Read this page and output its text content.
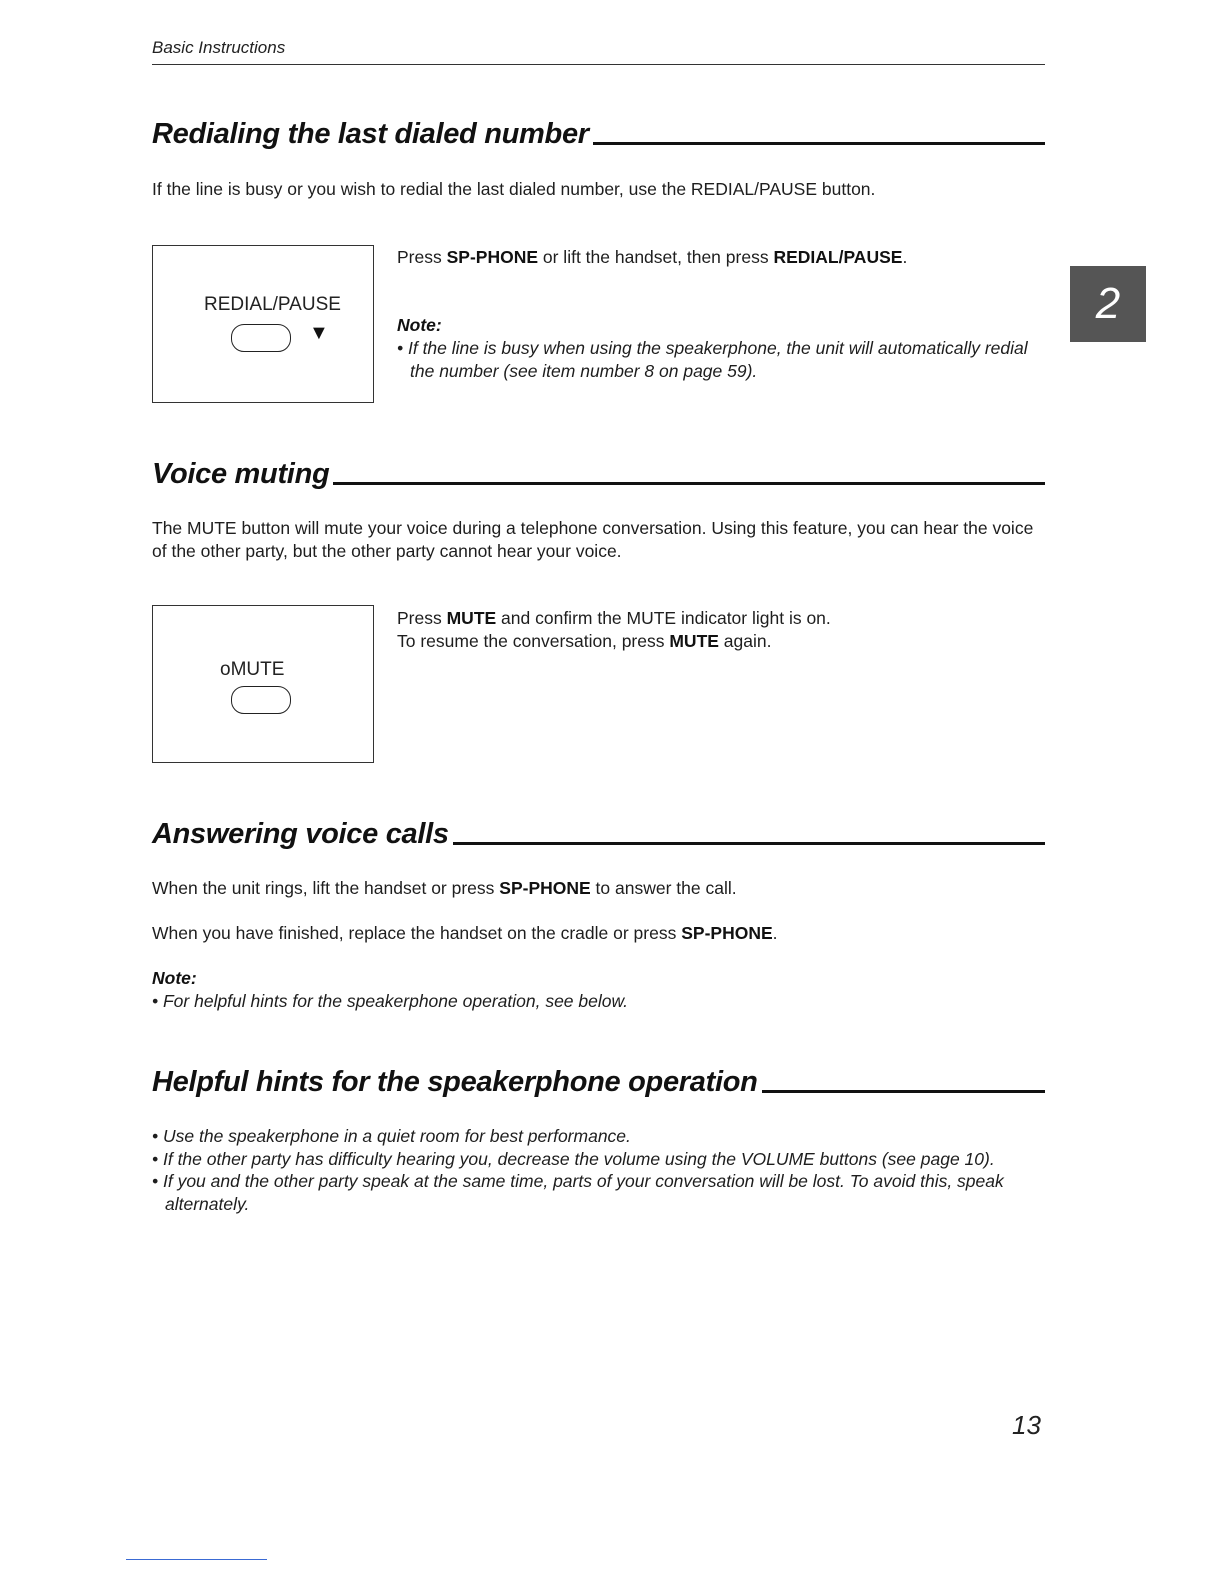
Basic Instructions
2
Redialing the last dialed number
If the line is busy or you wish to redial the last dialed number, use the REDIAL/PAUSE button.
REDIAL/PAUSE
▼
Press SP-PHONE or lift the handset, then press REDIAL/PAUSE.
Note:
• If the line is busy when using the speakerphone, the unit will automatically redial the number (see item number 8 on page 59).
Voice muting
The MUTE button will mute your voice during a telephone conversation. Using this feature, you can hear the voice of the other party, but the other party cannot hear your voice.
oMUTE
Press MUTE and confirm the MUTE indicator light is on.
To resume the conversation, press MUTE again.
Answering voice calls
When the unit rings, lift the handset or press SP-PHONE to answer the call.
When you have finished, replace the handset on the cradle or press SP-PHONE.
Note:
• For helpful hints for the speakerphone operation, see below.
Helpful hints for the speakerphone operation
• Use the speakerphone in a quiet room for best performance.
• If the other party has difficulty hearing you, decrease the volume using the VOLUME buttons (see page 10).
• If you and the other party speak at the same time, parts of your conversation will be lost. To avoid this, speak alternately.
13
